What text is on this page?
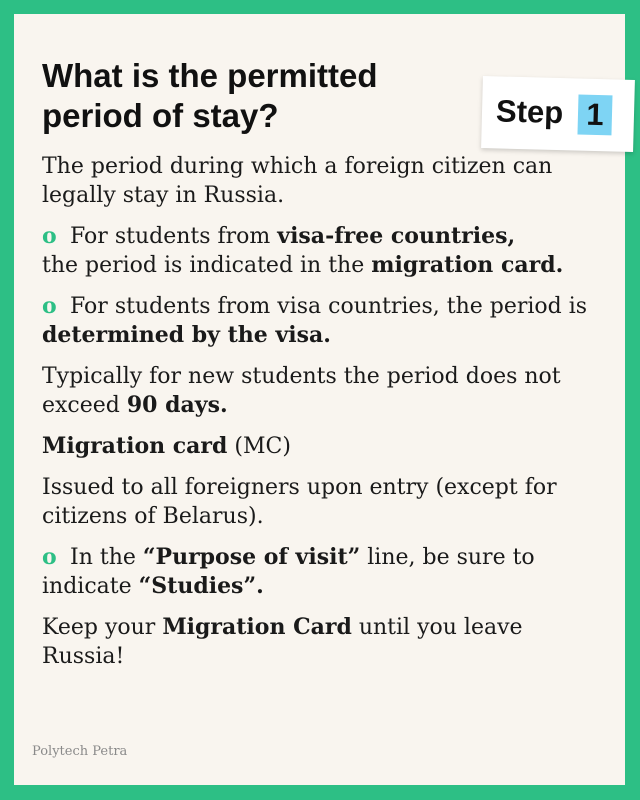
What is the permitted
period of stay?	Step 1

The period during which a foreign citizen can legally stay in Russia.

o For students from visa-free countries,
the period is indicated in the migration card.

o For students from visa countries, the period is determined by the visa.

Typically for new students the period does not exceed 90 days.

Migration card (MC)

Issued to all foreigners upon entry (except for citizens of Belarus).

o In the “Purpose of visit” line, be sure to indicate “Studies”.

Keep your Migration Card until you leave Russia!

Polytech Petra
